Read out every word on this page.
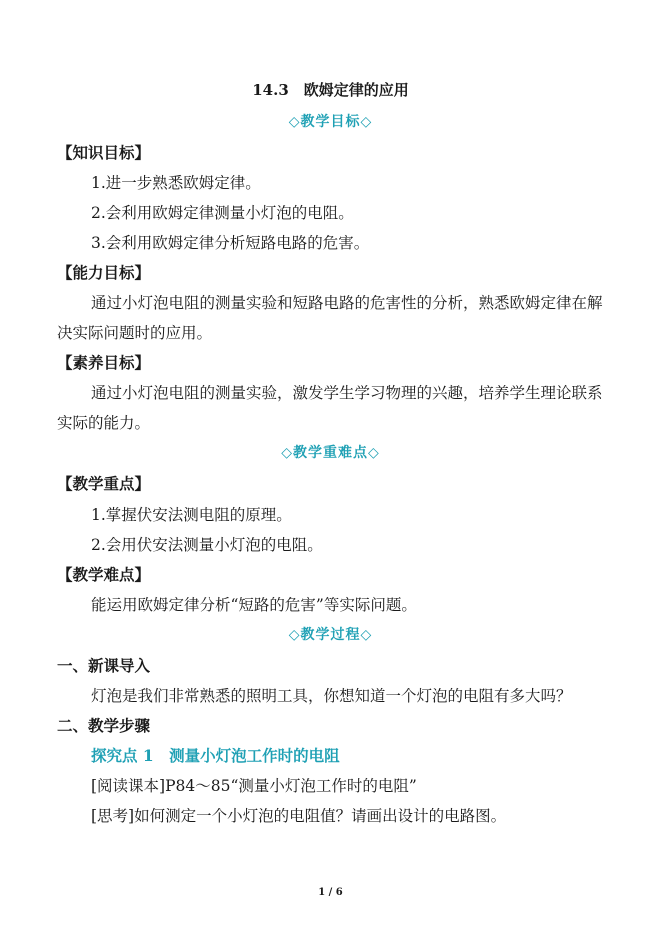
14.3　欧姆定律的应用
◇教学目标◇
【知识目标】
1.进一步熟悉欧姆定律。
2.会利用欧姆定律测量小灯泡的电阻。
3.会利用欧姆定律分析短路电路的危害。
【能力目标】
通过小灯泡电阻的测量实验和短路电路的危害性的分析，熟悉欧姆定律在解
决实际问题时的应用。
【素养目标】
通过小灯泡电阻的测量实验，激发学生学习物理的兴趣，培养学生理论联系
实际的能力。
◇教学重难点◇
【教学重点】
1.掌握伏安法测电阻的原理。
2.会用伏安法测量小灯泡的电阻。
【教学难点】
能运用欧姆定律分析“短路的危害”等实际问题。
◇教学过程◇
一、新课导入
灯泡是我们非常熟悉的照明工具，你想知道一个灯泡的电阻有多大吗？
二、教学步骤
探究点 1　测量小灯泡工作时的电阻
[阅读课本]P84～85“测量小灯泡工作时的电阻”
[思考]如何测定一个小灯泡的电阻值？请画出设计的电路图。
1 / 6
